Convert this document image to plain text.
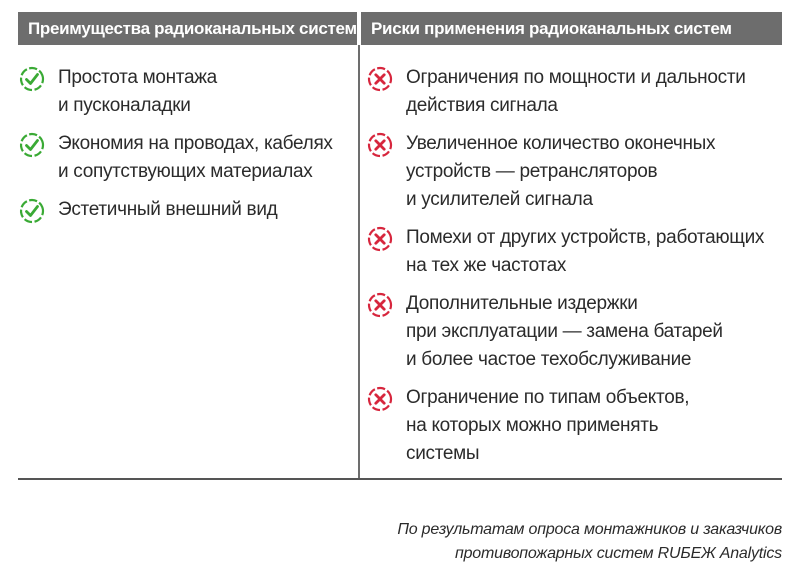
Преимущества радиоканальных систем Риски применения радиоканальных систем
Простота монтажа
и пусконаладки
Экономия на проводах, кабелях
и сопутствующих материалах
Эстетичный внешний вид
Ограничения по мощности и дальности
действия сигнала
Увеличенное количество оконечных
устройств — ретрансляторов
и усилителей сигнала
Помехи от других устройств, работающих
на тех же частотах
Дополнительные издержки
при эксплуатации — замена батарей
и более частое техобслуживание
Ограничение по типам объектов,
на которых можно применять
системы
По результатам опроса монтажников и заказчиков
противопожарных систем RUБЕЖ Analytics
